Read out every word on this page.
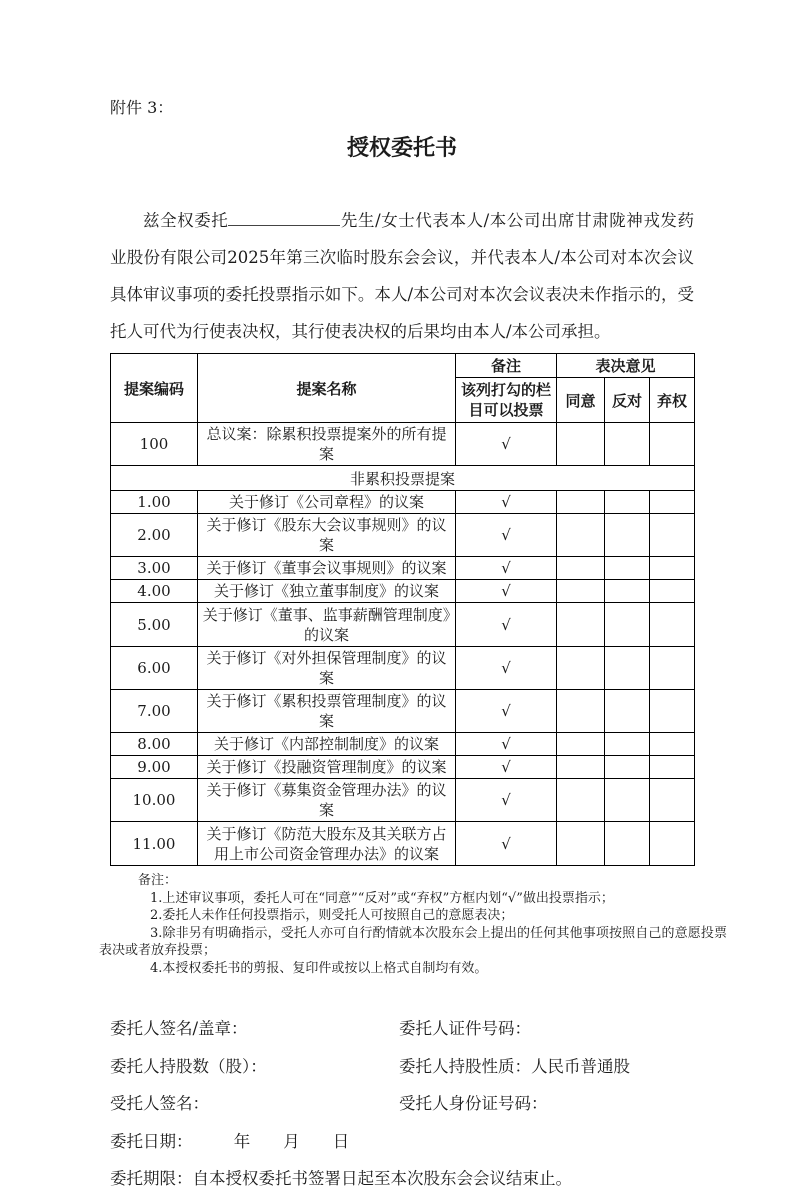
附件 3：
授权委托书

兹全权委托	先生/女士代表本人/本公司出席甘肃陇神戎发药业股份有限公司2025年第三次临时股东会会议，并代表本人/本公司对本次会议具体审议事项的委托投票指示如下。本人/本公司对本次会议表决未作指示的，受托人可代为行使表决权，其行使表决权的后果均由本人/本公司承担。

提案编码	提案名称	备注	表决意见		
		该列打勾的栏目可以投票	同意	反对	弃权
100	总议案：除累积投票提案外的所有提案	√			
非累积投票提案					
1.00	关于修订《公司章程》的议案	√			
2.00	关于修订《股东大会议事规则》的议案	√			
3.00	关于修订《董事会议事规则》的议案	√			
4.00	关于修订《独立董事制度》的议案	√			
5.00	关于修订《董事、监事薪酬管理制度》的议案	√			
6.00	关于修订《对外担保管理制度》的议案	√			
7.00	关于修订《累积投票管理制度》的议案	√			
8.00	关于修订《内部控制制度》的议案	√			
9.00	关于修订《投融资管理制度》的议案	√			
10.00	关于修订《募集资金管理办法》的议案	√			
11.00	关于修订《防范大股东及其关联方占用上市公司资金管理办法》的议案	√			
备注：
1.上述审议事项，委托人可在“同意”“反对”或“弃权”方框内划“√”做出投票指示；
2.委托人未作任何投票指示，则受托人可按照自己的意愿表决；
3.除非另有明确指示，受托人亦可自行酌情就本次股东会上提出的任何其他事项按照自己的意愿投票表决或者放弃投票；
4.本授权委托书的剪报、复印件或按以上格式自制均有效。
委托人签名/盖章：	委托人证件号码：
委托人持股数（股）：	委托人持股性质：人民币普通股
受托人签名：	受托人身份证号码：
委托日期：　　　年　　月　　日
委托期限：自本授权委托书签署日起至本次股东会会议结束止。
